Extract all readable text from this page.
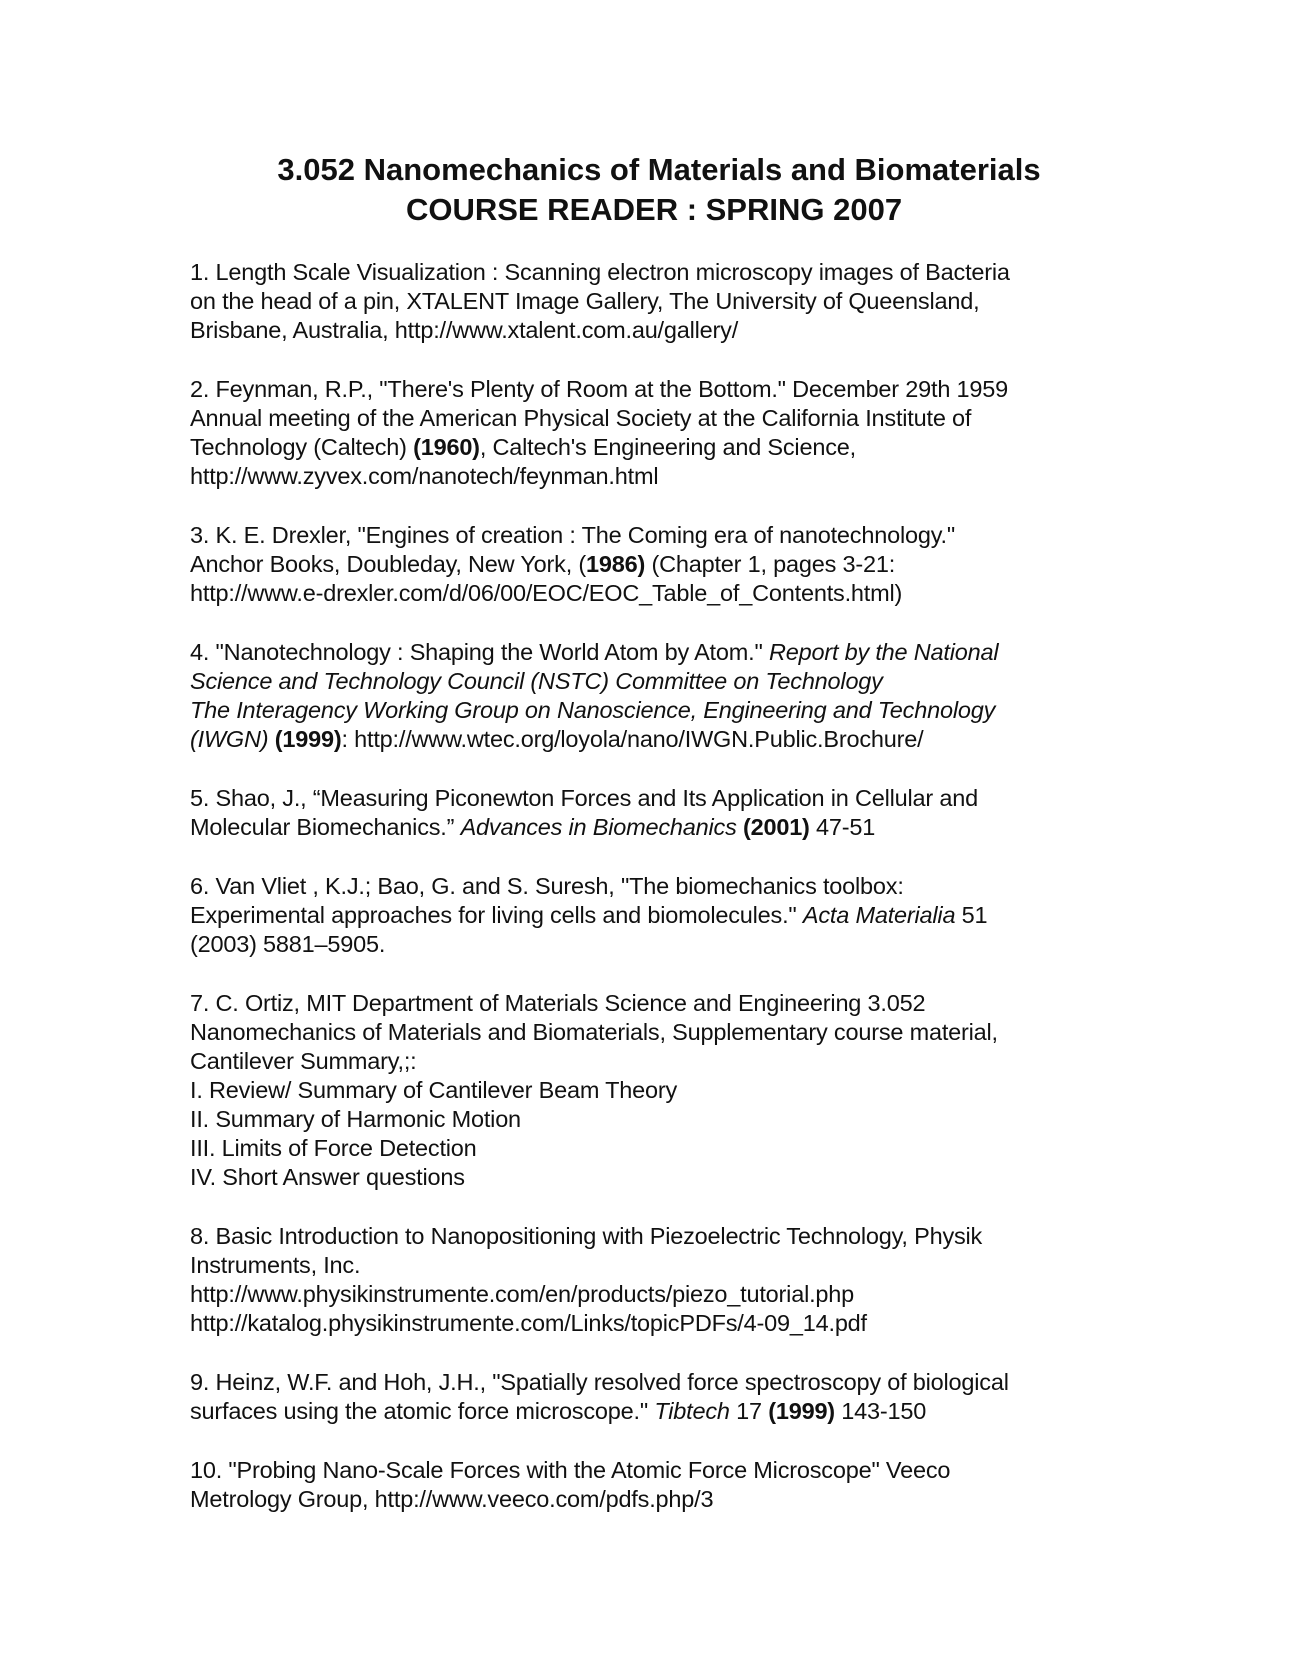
3.052 Nanomechanics of Materials and Biomaterials
COURSE READER : SPRING 2007
1. Length Scale Visualization : Scanning electron microscopy images of Bacteria
on the head of a pin, XTALENT Image Gallery, The University of Queensland,
Brisbane, Australia, http://www.xtalent.com.au/gallery/
2. Feynman, R.P., "There's Plenty of Room at the Bottom." December 29th 1959
Annual meeting of the American Physical Society at the California Institute of
Technology (Caltech) (1960), Caltech's Engineering and Science,
http://www.zyvex.com/nanotech/feynman.html
3. K. E. Drexler, "Engines of creation : The Coming era of nanotechnology."
Anchor Books, Doubleday, New York, (1986) (Chapter 1, pages 3-21:
http://www.e-drexler.com/d/06/00/EOC/EOC_Table_of_Contents.html)
4. "Nanotechnology : Shaping the World Atom by Atom." Report by the National
Science and Technology Council (NSTC) Committee on Technology
The Interagency Working Group on Nanoscience, Engineering and Technology
(IWGN) (1999): http://www.wtec.org/loyola/nano/IWGN.Public.Brochure/
5. Shao, J., “Measuring Piconewton Forces and Its Application in Cellular and
Molecular Biomechanics.” Advances in Biomechanics (2001) 47-51
6. Van Vliet , K.J.; Bao, G. and S. Suresh, "The biomechanics toolbox:
Experimental approaches for living cells and biomolecules." Acta Materialia 51
(2003) 5881–5905.
7. C. Ortiz, MIT Department of Materials Science and Engineering 3.052
Nanomechanics of Materials and Biomaterials, Supplementary course material,
Cantilever Summary,;:
I. Review/ Summary of Cantilever Beam Theory
II. Summary of Harmonic Motion
III. Limits of Force Detection
IV. Short Answer questions
8. Basic Introduction to Nanopositioning with Piezoelectric Technology, Physik
Instruments, Inc.
http://www.physikinstrumente.com/en/products/piezo_tutorial.php
http://katalog.physikinstrumente.com/Links/topicPDFs/4-09_14.pdf
9. Heinz, W.F. and Hoh, J.H., "Spatially resolved force spectroscopy of biological
surfaces using the atomic force microscope." Tibtech 17 (1999) 143-150
10. "Probing Nano-Scale Forces with the Atomic Force Microscope" Veeco
Metrology Group, http://www.veeco.com/pdfs.php/3
